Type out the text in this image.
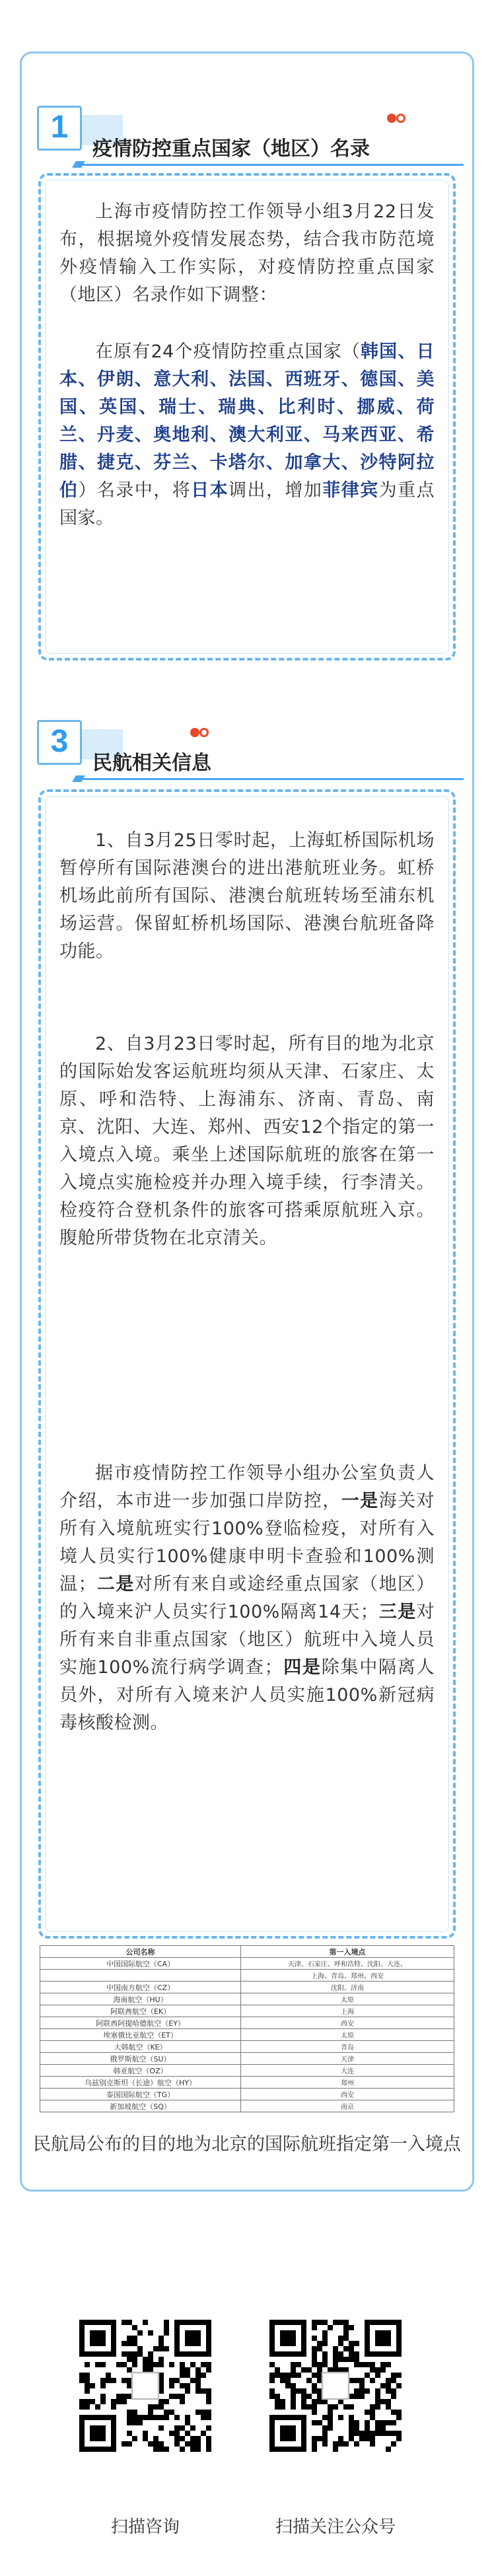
1
疫情防控重点国家（地区）名录
上海市疫情防控工作领导小组3月22日发布，根据境外疫情发展态势，结合我市防范境外疫情输入工作实际，对疫情防控重点国家（地区）名录作如下调整：
在原有24个疫情防控重点国家（韩国、日本、伊朗、意大利、法国、西班牙、德国、美国、英国、瑞士、瑞典、比利时、挪威、荷兰、丹麦、奥地利、澳大利亚、马来西亚、希腊、捷克、芬兰、卡塔尔、加拿大、沙特阿拉伯）名录中，将日本调出，增加菲律宾为重点国家。
3
民航相关信息
1、自3月25日零时起，上海虹桥国际机场暂停所有国际港澳台的进出港航班业务。虹桥机场此前所有国际、港澳台航班转场至浦东机场运营。保留虹桥机场国际、港澳台航班备降功能。
2、自3月23日零时起，所有目的地为北京的国际始发客运航班均须从天津、石家庄、太原、呼和浩特、上海浦东、济南、青岛、南京、沈阳、大连、郑州、西安12个指定的第一入境点入境。乘坐上述国际航班的旅客在第一入境点实施检疫并办理入境手续，行李清关。检疫符合登机条件的旅客可搭乘原航班入京。腹舱所带货物在北京清关。
据市疫情防控工作领导小组办公室负责人介绍，本市进一步加强口岸防控，一是海关对所有入境航班实行100%登临检疫，对所有入境人员实行100%健康申明卡查验和100%测温；二是对所有来自或途经重点国家（地区）的入境来沪人员实行100%隔离14天；三是对所有来自非重点国家（地区）航班中入境人员实施100%流行病学调查；四是除集中隔离人员外，对所有入境来沪人员实施100%新冠病毒核酸检测。
公司名称	第一入境点
中国国际航空（CA）	天津、石家庄、呼和浩特、沈阳、大连、
	上海、青岛、郑州、西安
中国南方航空（CZ）	沈阳、济南
海南航空（HU）	太原
阿联酋航空（EK）	上海
阿联酋阿提哈德航空（EY）	西安
埃塞俄比亚航空（ET）	太原
大韩航空（KE）	青岛
俄罗斯航空（SU）	天津
韩亚航空（OZ）	大连
乌兹别克斯坦（长途）航空（HY）	郑州
泰国国际航空（TG）	西安
新加坡航空（SQ）	南京
民航局公布的目的地为北京的国际航班指定第一入境点
扫描咨询	扫描关注公众号
